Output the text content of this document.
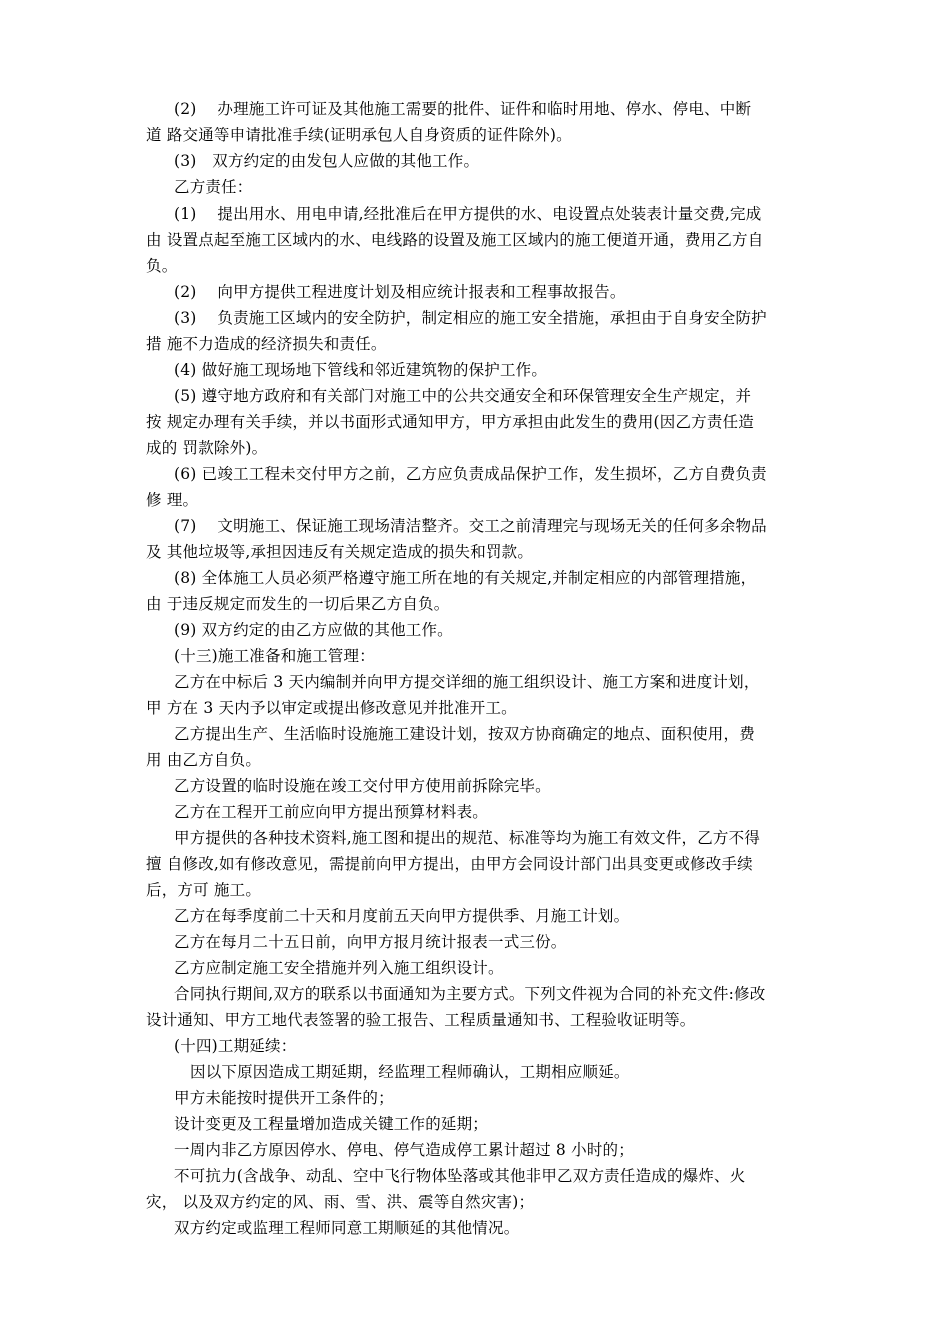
(2)　 办理施工许可证及其他施工需要的批件、证件和临时用地、停水、停电、中断
道 路交通等申请批准手续(证明承包人自身资质的证件除外)。
(3)　双方约定的由发包人应做的其他工作。
乙方责任：
(1)　 提出用水、用电申请,经批准后在甲方提供的水、电设置点处装表计量交费,完成
由 设置点起至施工区域内的水、电线路的设置及施工区域内的施工便道开通，费用乙方自
负。
(2)　 向甲方提供工程进度计划及相应统计报表和工程事故报告。
(3)　 负责施工区域内的安全防护，制定相应的施工安全措施，承担由于自身安全防护
措 施不力造成的经济损失和责任。
(4) 做好施工现场地下管线和邻近建筑物的保护工作。
(5) 遵守地方政府和有关部门对施工中的公共交通安全和环保管理安全生产规定，并
按 规定办理有关手续，并以书面形式通知甲方，甲方承担由此发生的费用(因乙方责任造
成的 罚款除外)。
(6) 已竣工工程未交付甲方之前，乙方应负责成品保护工作，发生损坏，乙方自费负责
修 理。
(7)　 文明施工、保证施工现场清洁整齐。交工之前清理完与现场无关的任何多余物品
及 其他垃圾等,承担因违反有关规定造成的损失和罚款。
(8) 全体施工人员必须严格遵守施工所在地的有关规定,并制定相应的内部管理措施，
由 于违反规定而发生的一切后果乙方自负。
(9) 双方约定的由乙方应做的其他工作。
(十三)施工准备和施工管理：
乙方在中标后 3 天内编制并向甲方提交详细的施工组织设计、施工方案和进度计划，
甲 方在 3 天内予以审定或提出修改意见并批准开工。
乙方提出生产、生活临时设施施工建设计划，按双方协商确定的地点、面积使用，费
用 由乙方自负。
乙方设置的临时设施在竣工交付甲方使用前拆除完毕。
乙方在工程开工前应向甲方提出预算材料表。
甲方提供的各种技术资料,施工图和提出的规范、标准等均为施工有效文件，乙方不得
擅 自修改,如有修改意见，需提前向甲方提出，由甲方会同设计部门出具变更或修改手续
后，方可 施工。
乙方在每季度前二十天和月度前五天向甲方提供季、月施工计划。
乙方在每月二十五日前，向甲方报月统计报表一式三份。
乙方应制定施工安全措施并列入施工组织设计。
合同执行期间,双方的联系以书面通知为主要方式。下列文件视为合同的补充文件:修改
设计通知、甲方工地代表签署的验工报告、工程质量通知书、工程验收证明等。
(十四)工期延续：
因以下原因造成工期延期，经监理工程师确认，工期相应顺延。
甲方未能按时提供开工条件的；
设计变更及工程量增加造成关键工作的延期；
一周内非乙方原因停水、停电、停气造成停工累计超过 8 小时的；
不可抗力(含战争、动乱、空中飞行物体坠落或其他非甲乙双方责任造成的爆炸、火
灾， 以及双方约定的风、雨、雪、洪、震等自然灾害)；
双方约定或监理工程师同意工期顺延的其他情况。
